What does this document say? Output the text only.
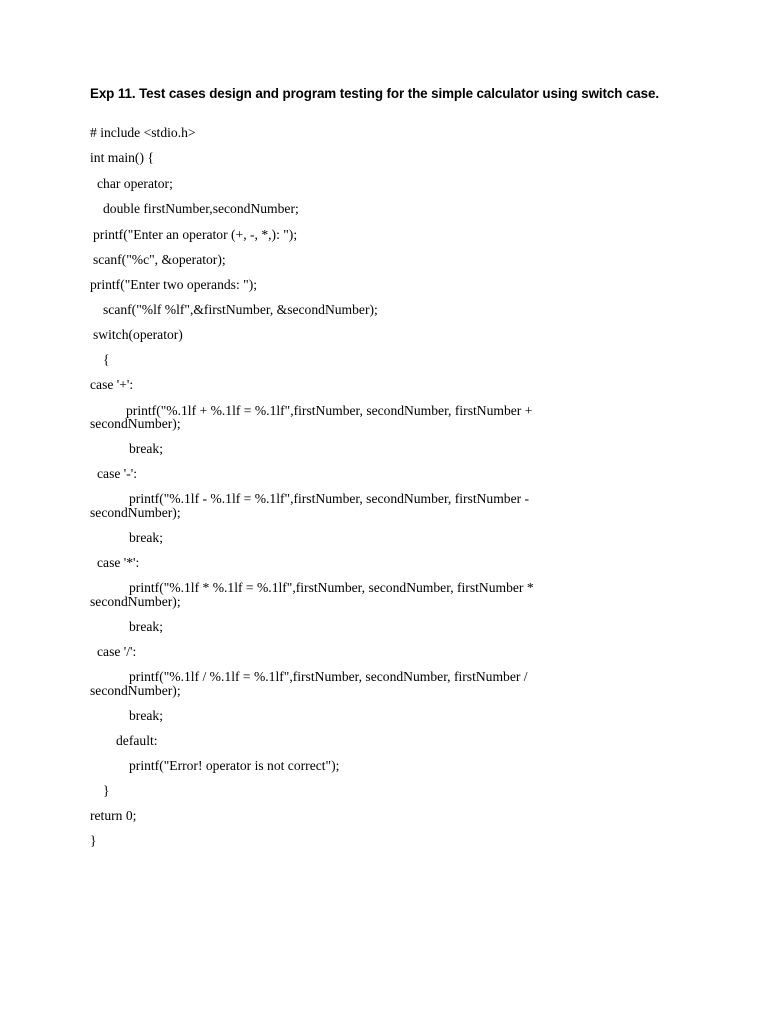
Exp 11. Test cases design and program testing for the simple calculator using switch case.
# include <stdio.h>
int main() {
char operator;
double firstNumber,secondNumber;
printf("Enter an operator (+, -, *,): ");
scanf("%c", &operator);
printf("Enter two operands: ");
scanf("%lf %lf",&firstNumber, &secondNumber);
switch(operator)
{
case '+':
printf("%.1lf + %.1lf = %.1lf",firstNumber, secondNumber, firstNumber +
secondNumber);
break;
case '-':
printf("%.1lf - %.1lf = %.1lf",firstNumber, secondNumber, firstNumber -
secondNumber);
break;
case '*':
printf("%.1lf * %.1lf = %.1lf",firstNumber, secondNumber, firstNumber *
secondNumber);
break;
case '/':
printf("%.1lf / %.1lf = %.1lf",firstNumber, secondNumber, firstNumber /
secondNumber);
break;
default:
printf("Error! operator is not correct");
}
return 0;
}
